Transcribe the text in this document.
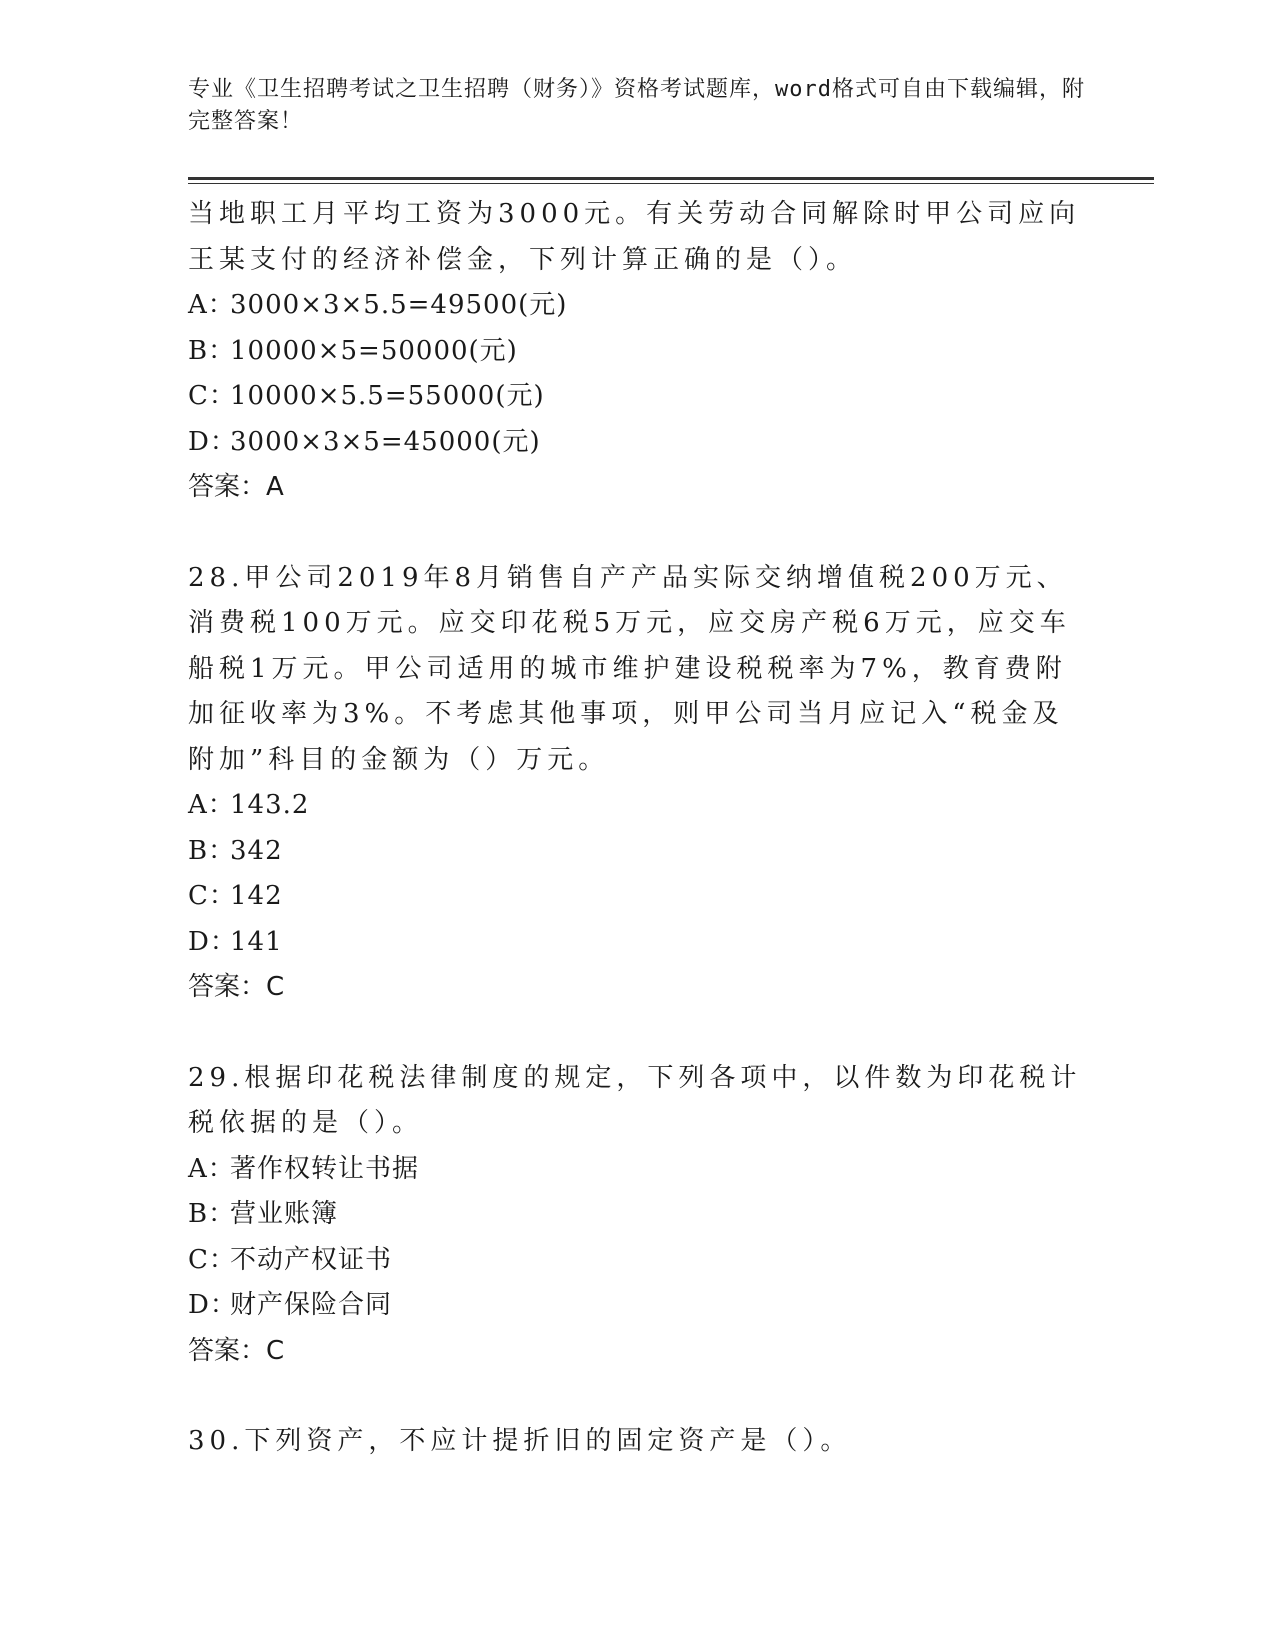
专业《卫生招聘考试之卫生招聘（财务）》资格考试题库，word格式可自由下载编辑，附完整答案！

当地职工月平均工资为3000元。有关劳动合同解除时甲公司应向王某支付的经济补偿金，下列计算正确的是（）。

A：3000×3×5.5=49500(元)

B：10000×5=50000(元)

C：10000×5.5=55000(元)

D：3000×3×5=45000(元)

答案：A

28.甲公司2019年8月销售自产产品实际交纳增值税200万元、消费税100万元。应交印花税5万元，应交房产税6万元，应交车船税1万元。甲公司适用的城市维护建设税税率为7%，教育费附加征收率为3%。不考虑其他事项，则甲公司当月应记入“税金及附加”科目的金额为（）万元。

A：143.2

B：342

C：142

D：141

答案：C

29.根据印花税法律制度的规定，下列各项中，以件数为印花税计税依据的是（）。

A：著作权转让书据

B：营业账簿

C：不动产权证书

D：财产保险合同

答案：C

30.下列资产，不应计提折旧的固定资产是（）。
